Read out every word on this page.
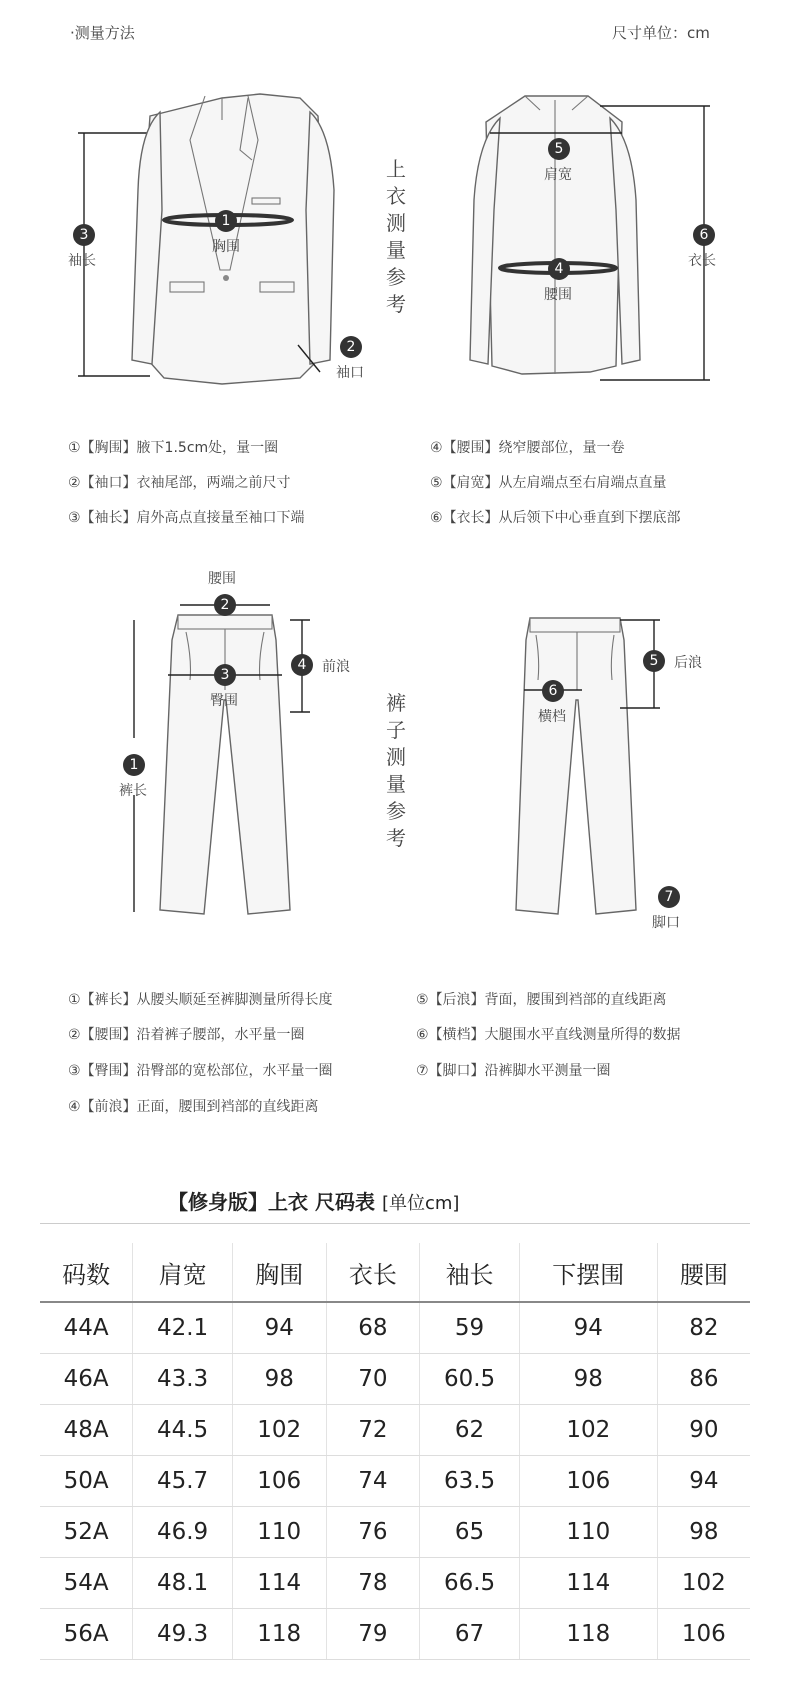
·测量方法	尺寸单位：cm
1
胸围
2
袖口
3
袖长	4
腰围
5
肩宽
6
衣长
上
衣
测
量
参
考
①【胸围】腋下1.5cm处，量一圈
②【袖口】衣袖尾部，两端之前尺寸
③【袖长】肩外高点直接量至袖口下端
④【腰围】绕窄腰部位，量一卷
⑤【肩宽】从左肩端点至右肩端点直量
⑥【衣长】从后领下中心垂直到下摆底部
1
裤长
2
腰围
3
臀围
4	前浪	5	后浪
6
横档
7
脚口
裤
子
测
量
参
考
①【裤长】从腰头顺延至裤脚测量所得长度
②【腰围】沿着裤子腰部，水平量一圈
③【臀围】沿臀部的宽松部位，水平量一圈
④【前浪】正面，腰围到裆部的直线距离
⑤【后浪】背面，腰围到裆部的直线距离
⑥【横档】大腿围水平直线测量所得的数据
⑦【脚口】沿裤脚水平测量一圈
【修身版】上衣 尺码表 [单位cm]
码数	肩宽	胸围	衣长	袖长	下摆围	腰围
44A	42.1	94	68	59	94	82
46A	43.3	98	70	60.5	98	86
48A	44.5	102	72	62	102	90
50A	45.7	106	74	63.5	106	94
52A	46.9	110	76	65	110	98
54A	48.1	114	78	66.5	114	102
56A	49.3	118	79	67	118	106
